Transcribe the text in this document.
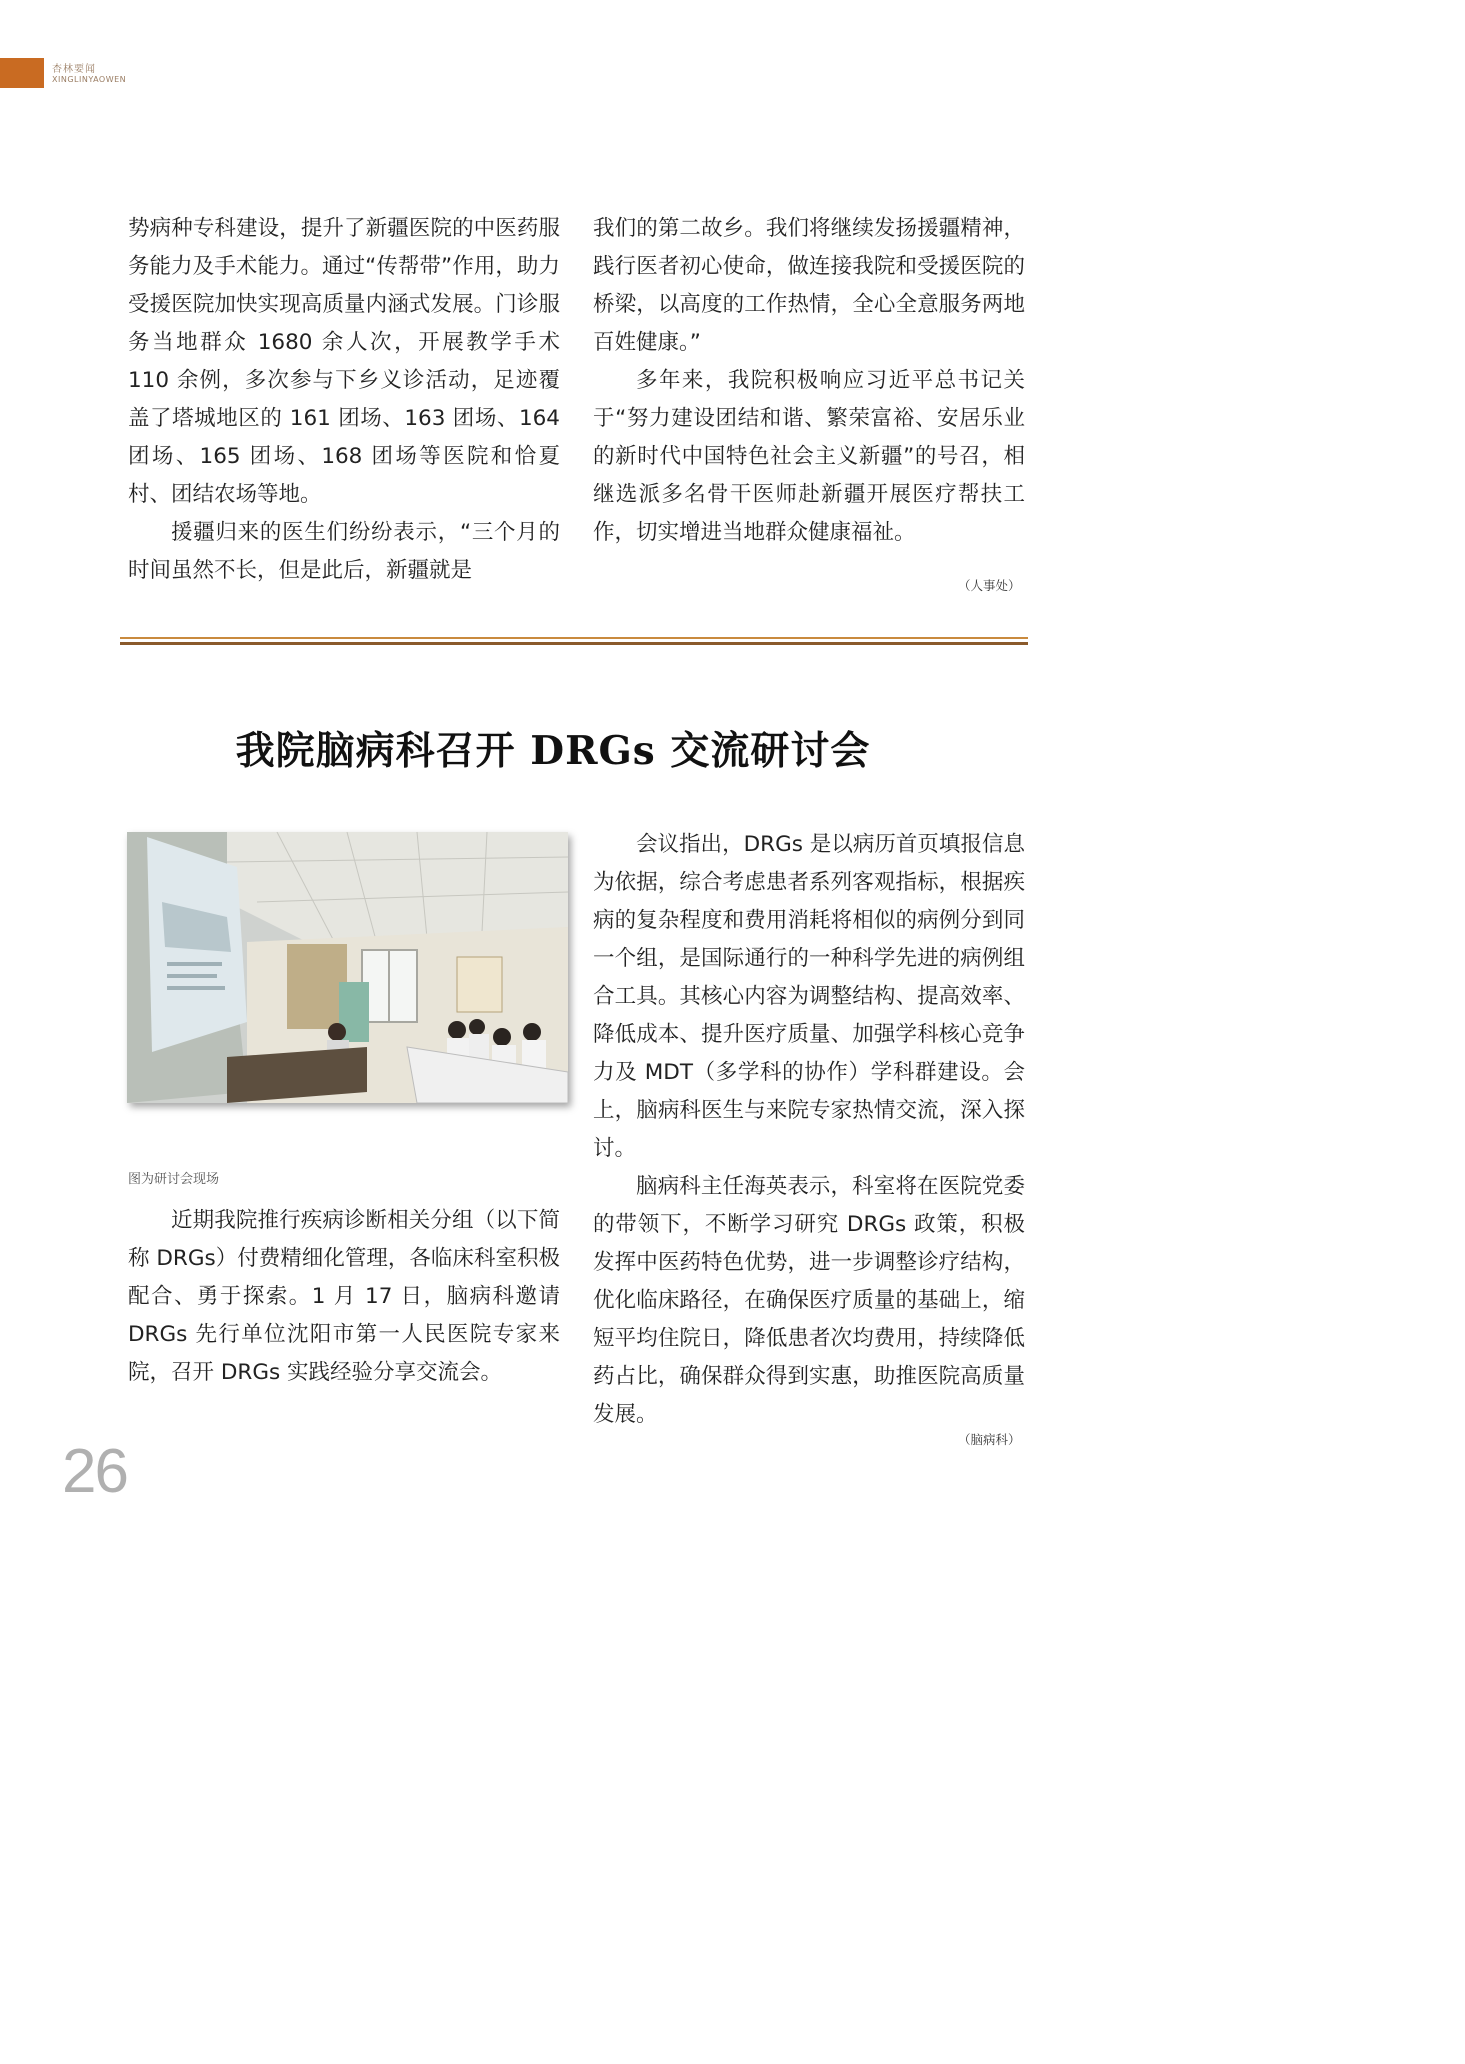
杏林要闻
XINGLINYAOWEN

势病种专科建设，提升了新疆医院的中医药服务能力及手术能力。通过“传帮带”作用，助力受援医院加快实现高质量内涵式发展。门诊服务当地群众 1680 余人次，开展教学手术 110 余例，多次参与下乡义诊活动，足迹覆盖了塔城地区的 161 团场、163 团场、164 团场、165 团场、168 团场等医院和恰夏村、团结农场等地。

援疆归来的医生们纷纷表示，“三个月的时间虽然不长，但是此后，新疆就是

我们的第二故乡。我们将继续发扬援疆精神，践行医者初心使命，做连接我院和受援医院的桥梁，以高度的工作热情，全心全意服务两地百姓健康。”

多年来，我院积极响应习近平总书记关于“努力建设团结和谐、繁荣富裕、安居乐业的新时代中国特色社会主义新疆”的号召，相继选派多名骨干医师赴新疆开展医疗帮扶工作，切实增进当地群众健康福祉。

（人事处）
我院脑病科召开 DRGs 交流研讨会
图为研讨会现场

近期我院推行疾病诊断相关分组（以下简称 DRGs）付费精细化管理，各临床科室积极配合、勇于探索。1 月 17 日，脑病科邀请 DRGs 先行单位沈阳市第一人民医院专家来院，召开 DRGs 实践经验分享交流会。

会议指出，DRGs 是以病历首页填报信息为依据，综合考虑患者系列客观指标，根据疾病的复杂程度和费用消耗将相似的病例分到同一个组，是国际通行的一种科学先进的病例组合工具。其核心内容为调整结构、提高效率、降低成本、提升医疗质量、加强学科核心竞争力及 MDT（多学科的协作）学科群建设。会上，脑病科医生与来院专家热情交流，深入探讨。

脑病科主任海英表示，科室将在医院党委的带领下，不断学习研究 DRGs 政策，积极发挥中医药特色优势，进一步调整诊疗结构，优化临床路径，在确保医疗质量的基础上，缩短平均住院日，降低患者次均费用，持续降低药占比，确保群众得到实惠，助推医院高质量发展。

（脑病科）
26
